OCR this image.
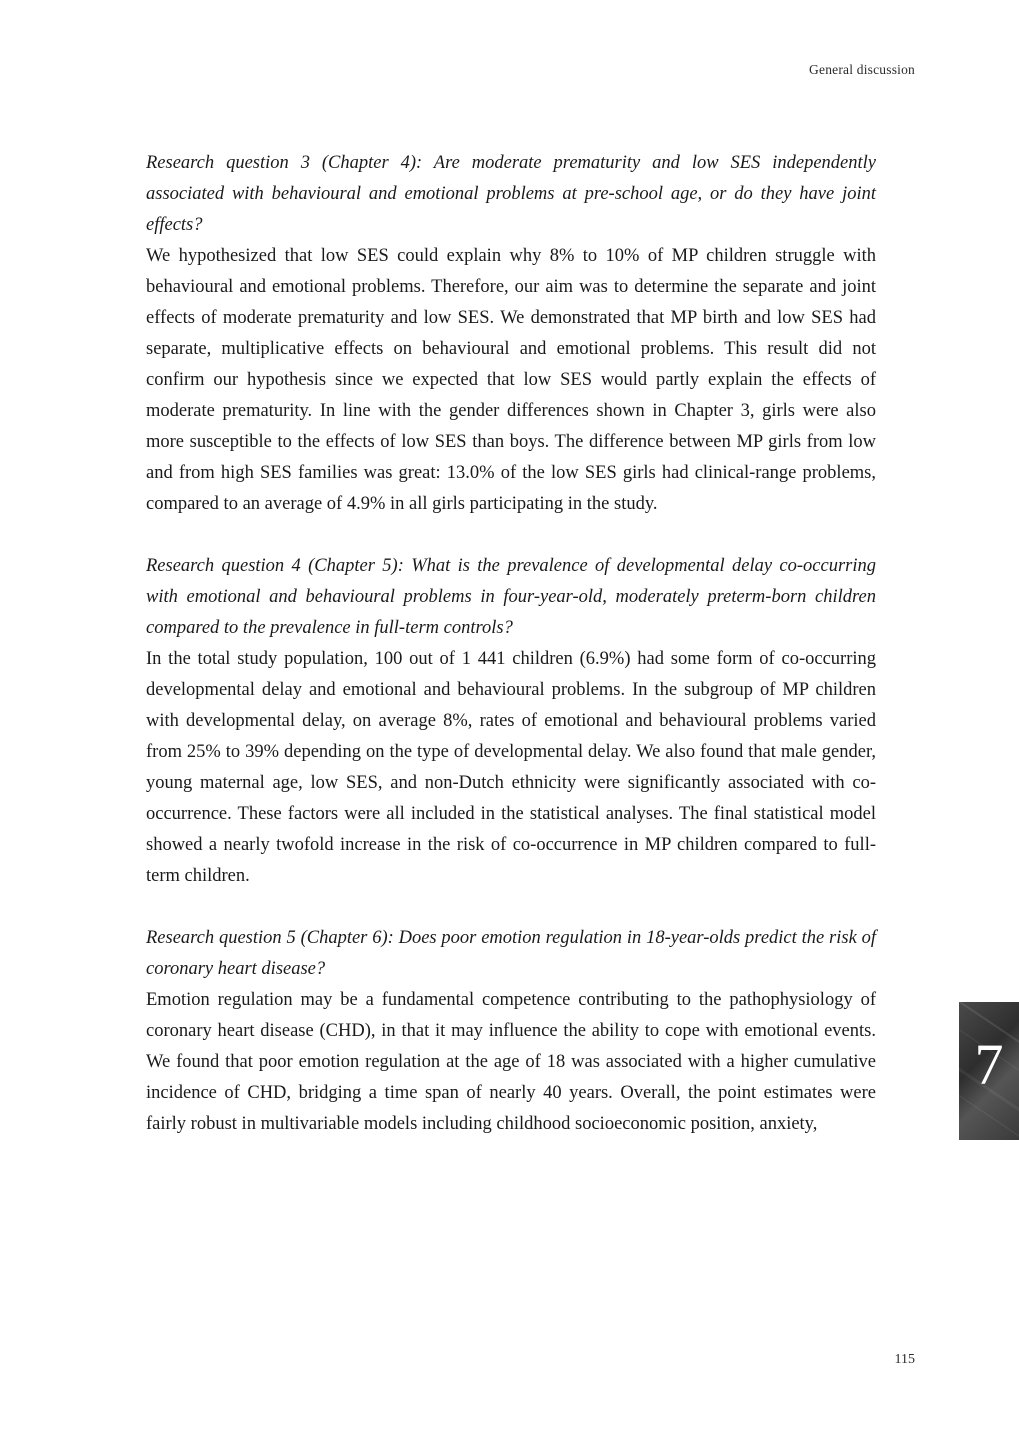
General discussion

Research question 3 (Chapter 4): Are moderate prematurity and low SES independently associated with behavioural and emotional problems at pre-school age, or do they have joint effects?

We hypothesized that low SES could explain why 8% to 10% of MP children struggle with behavioural and emotional problems. Therefore, our aim was to determine the separate and joint effects of moderate prematurity and low SES. We demonstrated that MP birth and low SES had separate, multiplicative effects on behavioural and emotional problems. This result did not confirm our hypothesis since we expected that low SES would partly explain the effects of moderate prematurity. In line with the gender differences shown in Chapter 3, girls were also more susceptible to the effects of low SES than boys. The difference between MP girls from low and from high SES families was great: 13.0% of the low SES girls had clinical-range problems, compared to an average of 4.9% in all girls participating in the study.

Research question 4 (Chapter 5): What is the prevalence of developmental delay co-occurring with emotional and behavioural problems in four-year-old, moderately preterm-born children compared to the prevalence in full-term controls?

In the total study population, 100 out of 1 441 children (6.9%) had some form of co-occurring developmental delay and emotional and behavioural problems. In the subgroup of MP children with developmental delay, on average 8%, rates of emotional and behavioural problems varied from 25% to 39% depending on the type of developmental delay. We also found that male gender, young maternal age, low SES, and non-Dutch ethnicity were significantly associated with co-occurrence. These factors were all included in the statistical analyses. The final statistical model showed a nearly twofold increase in the risk of co-occurrence in MP children compared to full-term children.

Research question 5 (Chapter 6): Does poor emotion regulation in 18-year-olds predict the risk of coronary heart disease?

Emotion regulation may be a fundamental competence contributing to the pathophysiology of coronary heart disease (CHD), in that it may influence the ability to cope with emotional events. We found that poor emotion regulation at the age of 18 was associated with a higher cumulative incidence of CHD, bridging a time span of nearly 40 years. Overall, the point estimates were fairly robust in multivariable models including childhood socioeconomic position, anxiety,

7
115
